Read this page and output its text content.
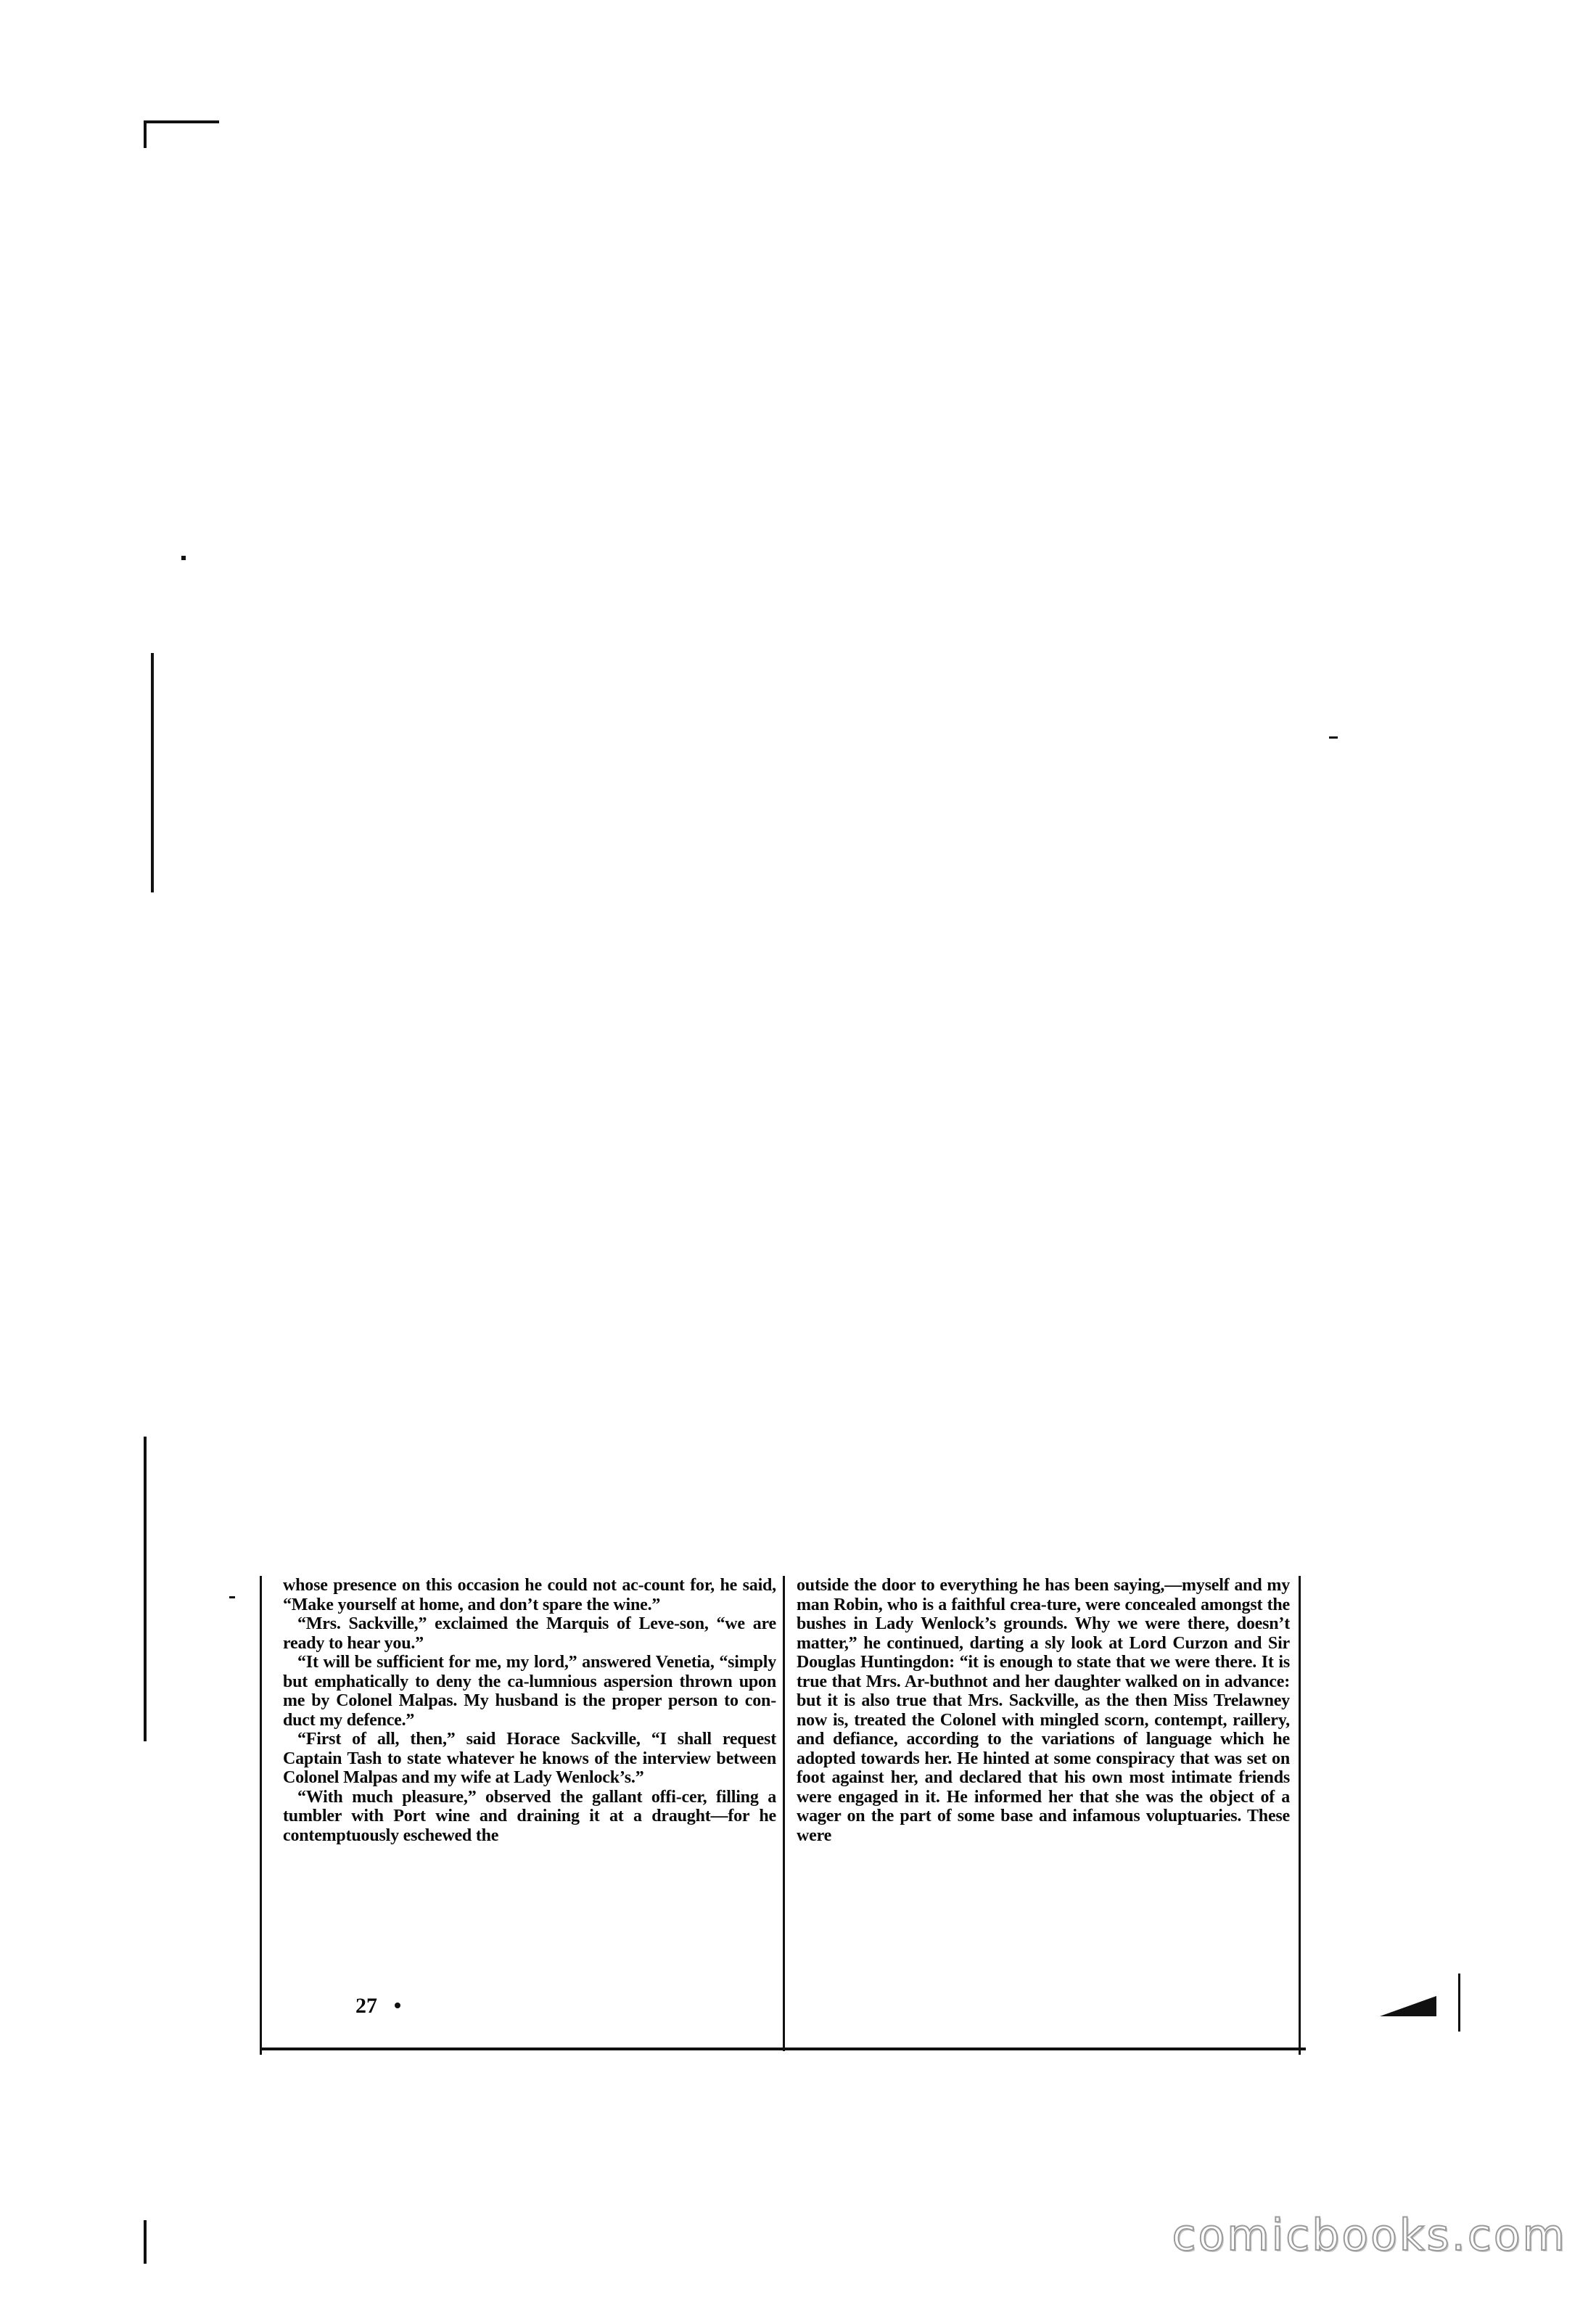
whose presence on this occasion he could not ac-count for, he said, “Make yourself at home, and don’t spare the wine.”

“Mrs. Sackville,” exclaimed the Marquis of Leve-son, “we are ready to hear you.”

“It will be sufficient for me, my lord,” answered Venetia, “simply but emphatically to deny the ca-lumnious aspersion thrown upon me by Colonel Malpas. My husband is the proper person to con-duct my defence.”

“First of all, then,” said Horace Sackville, “I shall request Captain Tash to state whatever he knows of the interview between Colonel Malpas and my wife at Lady Wenlock’s.”

“With much pleasure,” observed the gallant offi-cer, filling a tumbler with Port wine and draining it at a draught—for he contemptuously eschewed the

outside the door to everything he has been saying,—myself and my man Robin, who is a faithful crea-ture, were concealed amongst the bushes in Lady Wenlock’s grounds. Why we were there, doesn’t matter,” he continued, darting a sly look at Lord Curzon and Sir Douglas Huntingdon: “it is enough to state that we were there. It is true that Mrs. Ar-buthnot and her daughter walked on in advance: but it is also true that Mrs. Sackville, as the then Miss Trelawney now is, treated the Colonel with mingled scorn, contempt, raillery, and defiance, according to the variations of language which he adopted towards her. He hinted at some conspiracy that was set on foot against her, and declared that his own most intimate friends were engaged in it. He informed her that she was the object of a wager on the part of some base and infamous voluptuaries. These were

27
comicbooks.com
